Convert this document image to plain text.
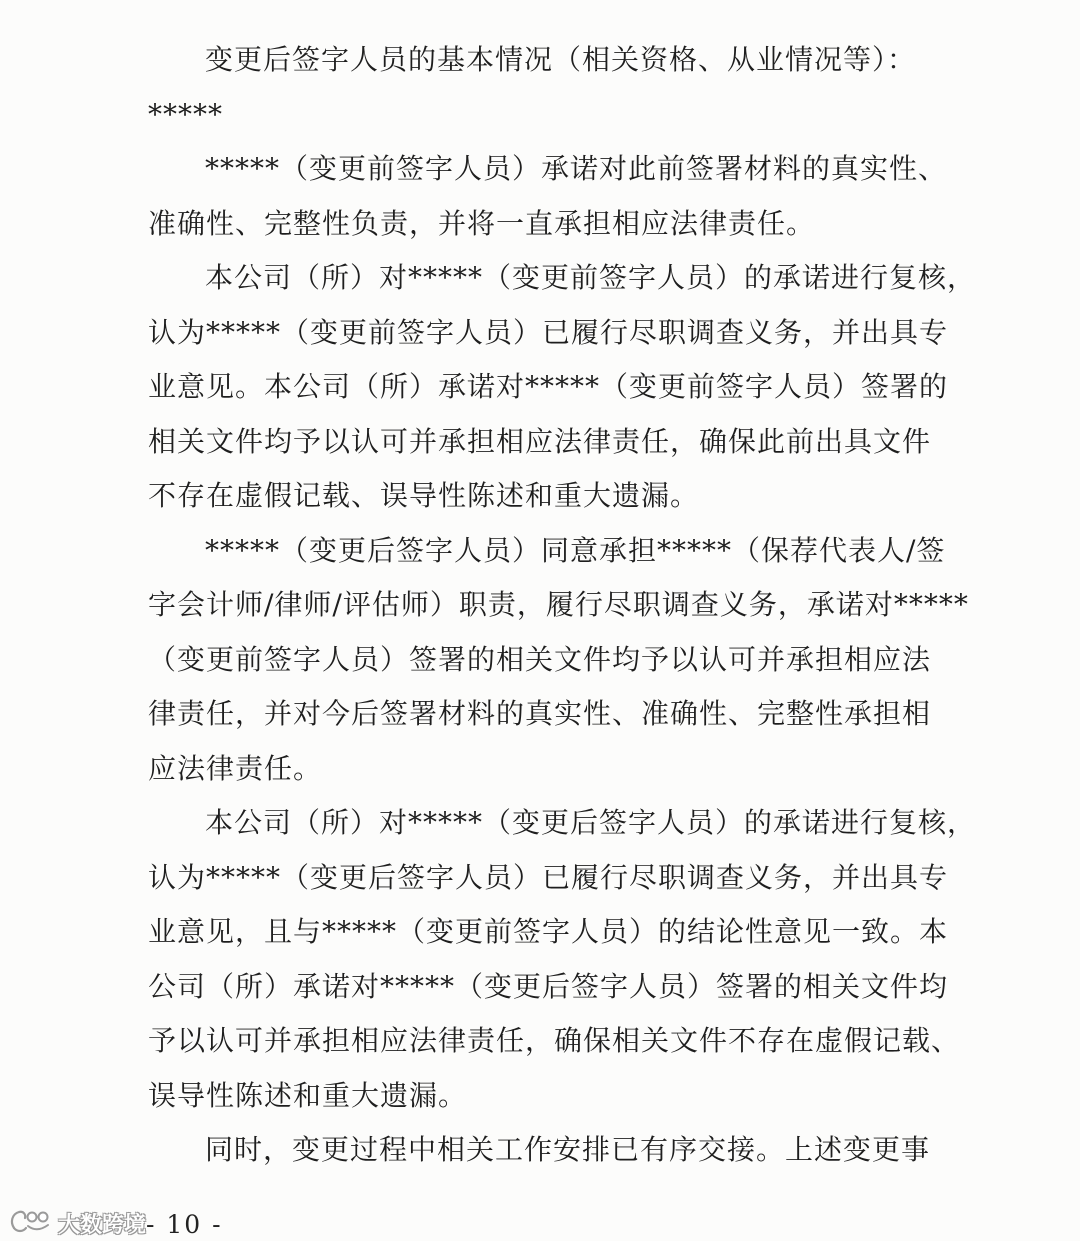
变更后签字人员的基本情况（相关资格、从业情况等）：
*****
*****（变更前签字人员）承诺对此前签署材料的真实性、
准确性、完整性负责，并将一直承担相应法律责任。
本公司（所）对*****（变更前签字人员）的承诺进行复核，
认为*****（变更前签字人员）已履行尽职调查义务，并出具专
业意见。本公司（所）承诺对*****（变更前签字人员）签署的
相关文件均予以认可并承担相应法律责任，确保此前出具文件
不存在虚假记载、误导性陈述和重大遗漏。
*****（变更后签字人员）同意承担*****（保荐代表人/签
字会计师/律师/评估师）职责，履行尽职调查义务，承诺对*****
（变更前签字人员）签署的相关文件均予以认可并承担相应法
律责任，并对今后签署材料的真实性、准确性、完整性承担相
应法律责任。
本公司（所）对*****（变更后签字人员）的承诺进行复核，
认为*****（变更后签字人员）已履行尽职调查义务，并出具专
业意见，且与*****（变更前签字人员）的结论性意见一致。本
公司（所）承诺对*****（变更后签字人员）签署的相关文件均
予以认可并承担相应法律责任，确保相关文件不存在虚假记载、
误导性陈述和重大遗漏。
同时，变更过程中相关工作安排已有序交接。上述变更事
大数跨境 - 10 -
